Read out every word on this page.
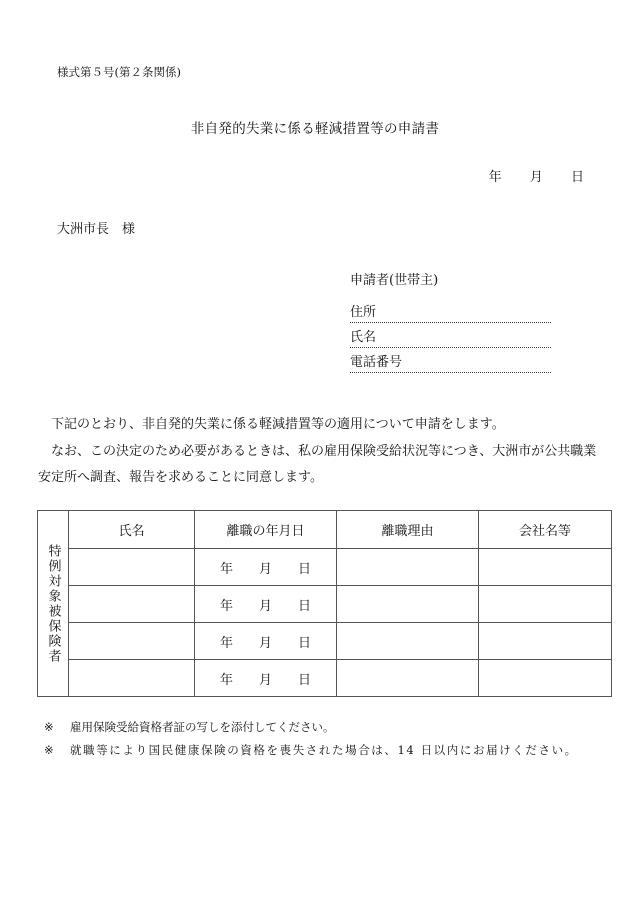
様式第５号(第２条関係)
非自発的失業に係る軽減措置等の申請書
年 月 日
大洲市長　様
申請者(世帯主)
住所
氏名
電話番号

下記のとおり、非自発的失業に係る軽減措置等の適用について申請をします。

なお、この決定のため必要があるときは、私の雇用保険受給状況等につき、大洲市が公共職業安定所へ調査、報告を求めることに同意します。

特例対象被保険者	氏名	離職の年月日	離職理由	会社名等
		年 月 日		
		年 月 日		
		年 月 日		
		年 月 日		
※ 雇用保険受給資格者証の写しを添付してください。
※ 就職等により国民健康保険の資格を喪失された場合は、14 日以内にお届けください。
